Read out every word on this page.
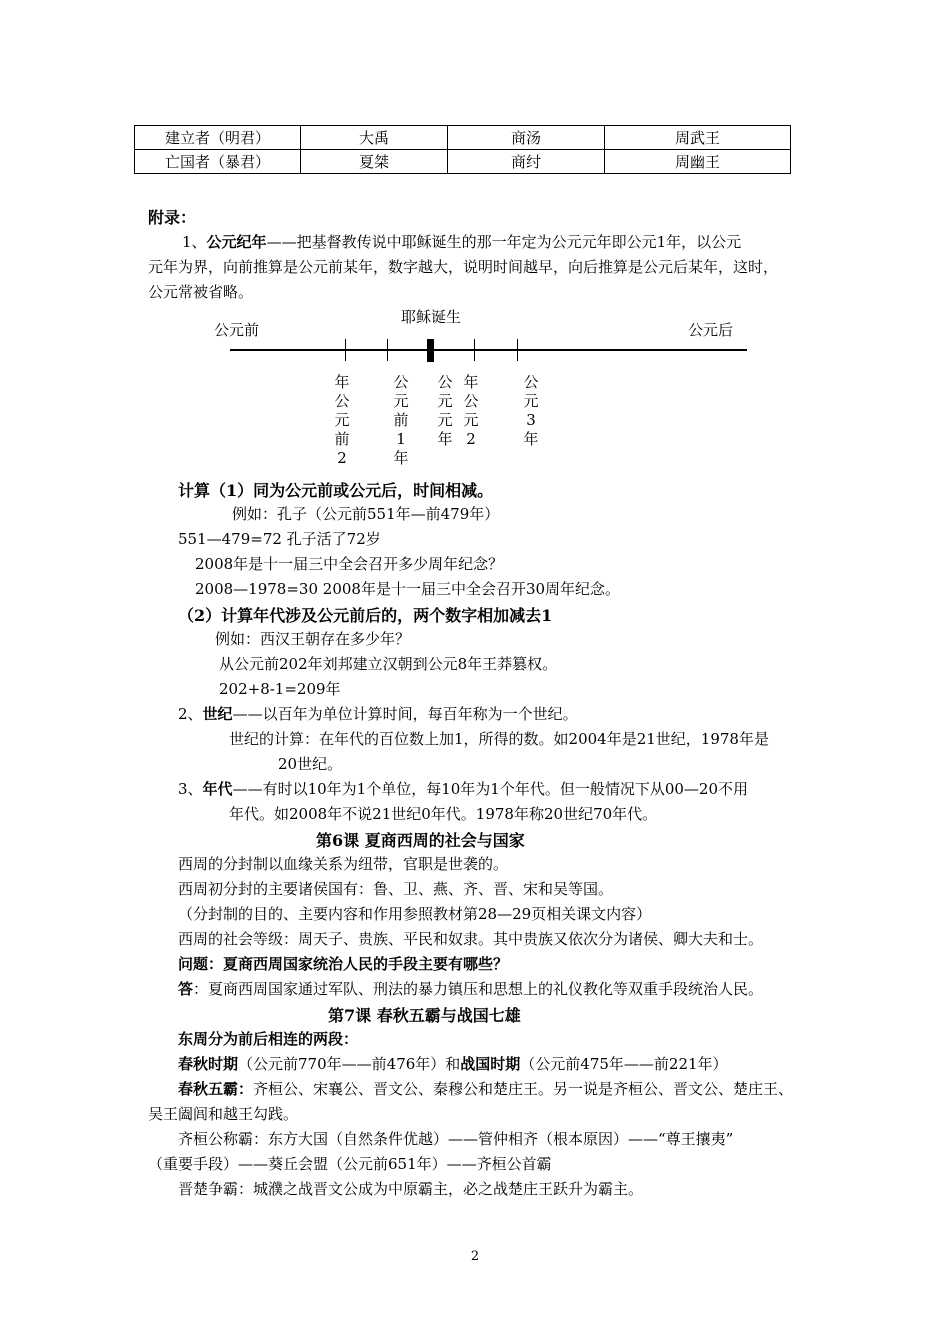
建立者（明君）	大禹	商汤	周武王
亡国者（暴君）	夏桀	商纣	周幽王
附录：
1、公元纪年——把基督教传说中耶稣诞生的那一年定为公元元年即公元1年，以公元
元年为界，向前推算是公元前某年，数字越大，说明时间越早，向后推算是公元后某年，这时，
公元常被省略。
公元前
耶稣诞生
公元后
年公元前2
公元前1年
公元元年
年公元2
公元3年
计算（1）同为公元前或公元后，时间相减。
例如：孔子（公元前551年—前479年）
551—479=72 孔子活了72岁
2008年是十一届三中全会召开多少周年纪念？
2008—1978=30 2008年是十一届三中全会召开30周年纪念。
（2）计算年代涉及公元前后的，两个数字相加减去1
例如：西汉王朝存在多少年？
从公元前202年刘邦建立汉朝到公元8年王莽篡权。
202+8-1=209年
2、世纪——以百年为单位计算时间，每百年称为一个世纪。
世纪的计算：在年代的百位数上加1，所得的数。如2004年是21世纪，1978年是
20世纪。
3、年代——有时以10年为1个单位，每10年为1个年代。但一般情况下从00—20不用
年代。如2008年不说21世纪0年代。1978年称20世纪70年代。
第6课 夏商西周的社会与国家
西周的分封制以血缘关系为纽带，官职是世袭的。
西周初分封的主要诸侯国有：鲁、卫、燕、齐、晋、宋和吴等国。
（分封制的目的、主要内容和作用参照教材第28—29页相关课文内容）
西周的社会等级：周天子、贵族、平民和奴隶。其中贵族又依次分为诸侯、卿大夫和士。
问题：夏商西周国家统治人民的手段主要有哪些？
答：夏商西周国家通过军队、刑法的暴力镇压和思想上的礼仪教化等双重手段统治人民。
第7课 春秋五霸与战国七雄
东周分为前后相连的两段：
春秋时期（公元前770年——前476年）和战国时期（公元前475年——前221年）
春秋五霸：齐桓公、宋襄公、晋文公、秦穆公和楚庄王。另一说是齐桓公、晋文公、楚庄王、
吴王阖闾和越王勾践。
齐桓公称霸：东方大国（自然条件优越）——管仲相齐（根本原因）——“尊王攘夷”
（重要手段）——葵丘会盟（公元前651年）——齐桓公首霸
晋楚争霸：城濮之战晋文公成为中原霸主，必之战楚庄王跃升为霸主。
2
